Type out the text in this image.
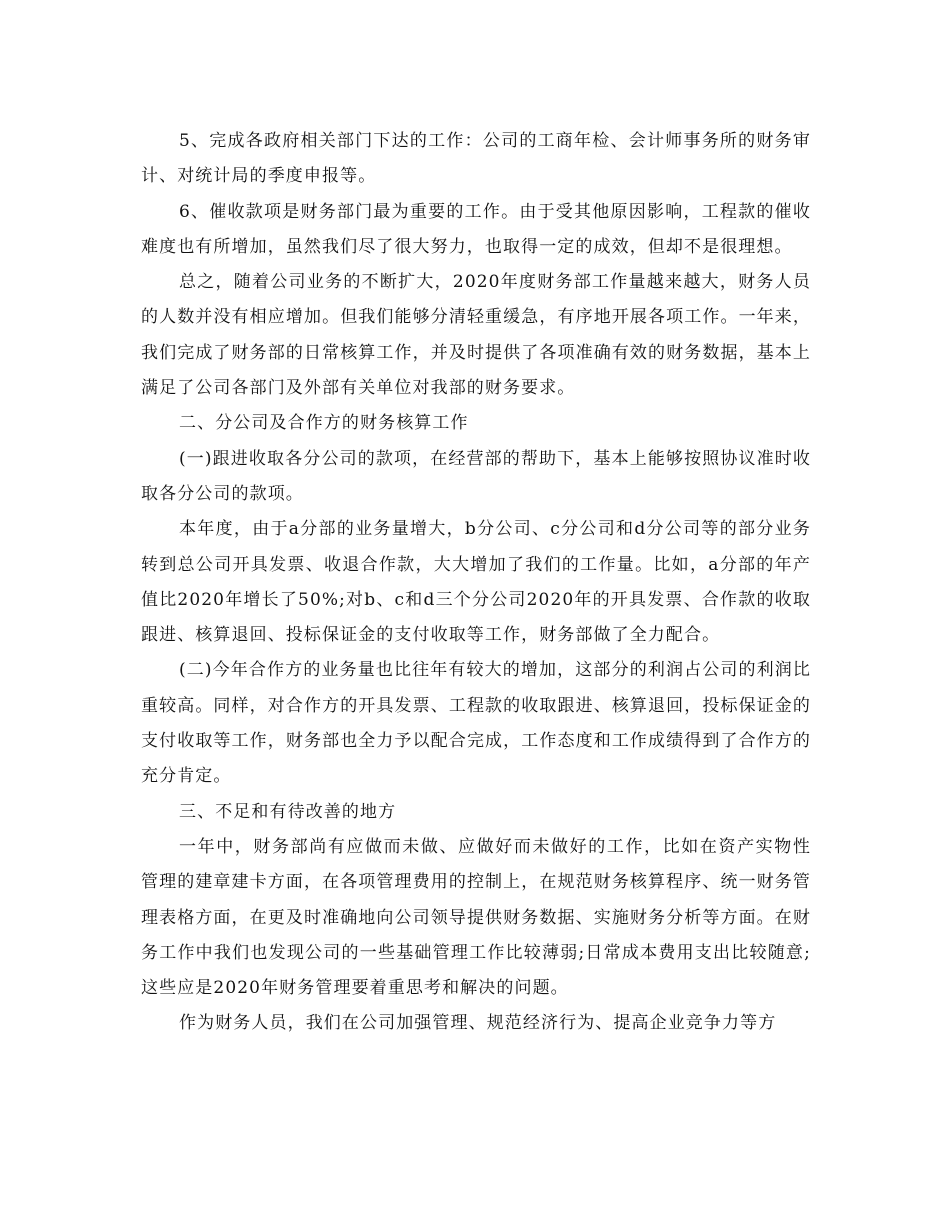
5、完成各政府相关部门下达的工作：公司的工商年检、会计师事务所的财务审计、对统计局的季度申报等。

6、催收款项是财务部门最为重要的工作。由于受其他原因影响，工程款的催收难度也有所增加，虽然我们尽了很大努力，也取得一定的成效，但却不是很理想。

总之，随着公司业务的不断扩大，2020年度财务部工作量越来越大，财务人员的人数并没有相应增加。但我们能够分清轻重缓急，有序地开展各项工作。一年来，我们完成了财务部的日常核算工作，并及时提供了各项准确有效的财务数据，基本上满足了公司各部门及外部有关单位对我部的财务要求。

二、分公司及合作方的财务核算工作

(一)跟进收取各分公司的款项，在经营部的帮助下，基本上能够按照协议准时收取各分公司的款项。

本年度，由于a分部的业务量增大，b分公司、c分公司和d分公司等的部分业务转到总公司开具发票、收退合作款，大大增加了我们的工作量。比如，a分部的年产值比2020年增长了50%;对b、c和d三个分公司2020年的开具发票、合作款的收取跟进、核算退回、投标保证金的支付收取等工作，财务部做了全力配合。

(二)今年合作方的业务量也比往年有较大的增加，这部分的利润占公司的利润比重较高。同样，对合作方的开具发票、工程款的收取跟进、核算退回，投标保证金的支付收取等工作，财务部也全力予以配合完成，工作态度和工作成绩得到了合作方的充分肯定。

三、不足和有待改善的地方

一年中，财务部尚有应做而未做、应做好而未做好的工作，比如在资产实物性管理的建章建卡方面，在各项管理费用的控制上，在规范财务核算程序、统一财务管理表格方面，在更及时准确地向公司领导提供财务数据、实施财务分析等方面。在财务工作中我们也发现公司的一些基础管理工作比较薄弱;日常成本费用支出比较随意;这些应是2020年财务管理要着重思考和解决的问题。

作为财务人员，我们在公司加强管理、规范经济行为、提高企业竞争力等方
